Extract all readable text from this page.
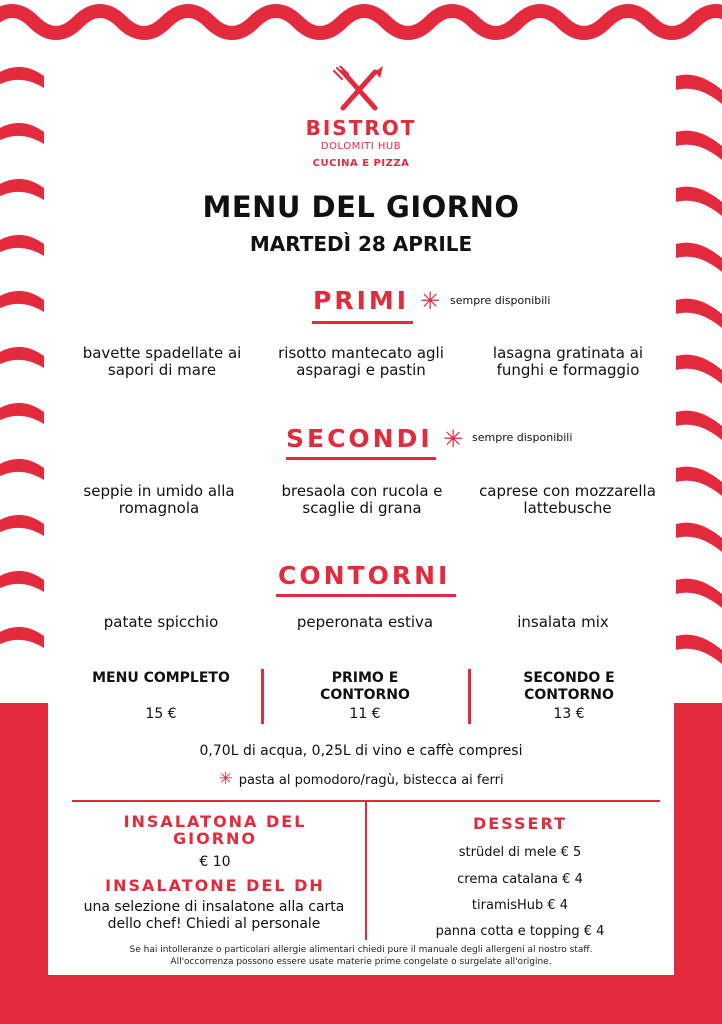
BISTROT
DOLOMITI HUB
CUCINA E PIZZA
MENU DEL GIORNO
MARTEDÌ 28 APRILE
PRIMI ✳ sempre disponibili
bavette spadellate ai sapori di mare
risotto mantecato agli asparagi e pastin
lasagna gratinata ai funghi e formaggio
SECONDI ✳ sempre disponibili
seppie in umido alla romagnola
bresaola con rucola e scaglie di grana
caprese con mozzarella lattebusche
CONTORNI
patate spicchio	peperonata estiva	insalata mix
MENU COMPLETO
15 €
PRIMO E CONTORNO
11 €
SECONDO E CONTORNO
13 €
0,70L di acqua, 0,25L di vino e caffè compresi
✳ pasta al pomodoro/ragù, bistecca ai ferri
INSALATONA DEL GIORNO
€ 10
INSALATONE DEL DH
una selezione di insalatone alla carta dello chef! Chiedi al personale
DESSERT
strüdel di mele € 5
crema catalana € 4
tiramisHub € 4
panna cotta e topping € 4
Se hai intolleranze o particolari allergie alimentari chiedi pure il manuale degli allergeni al nostro staff.
All'occorrenza possono essere usate materie prime congelate o surgelate all'origine.
